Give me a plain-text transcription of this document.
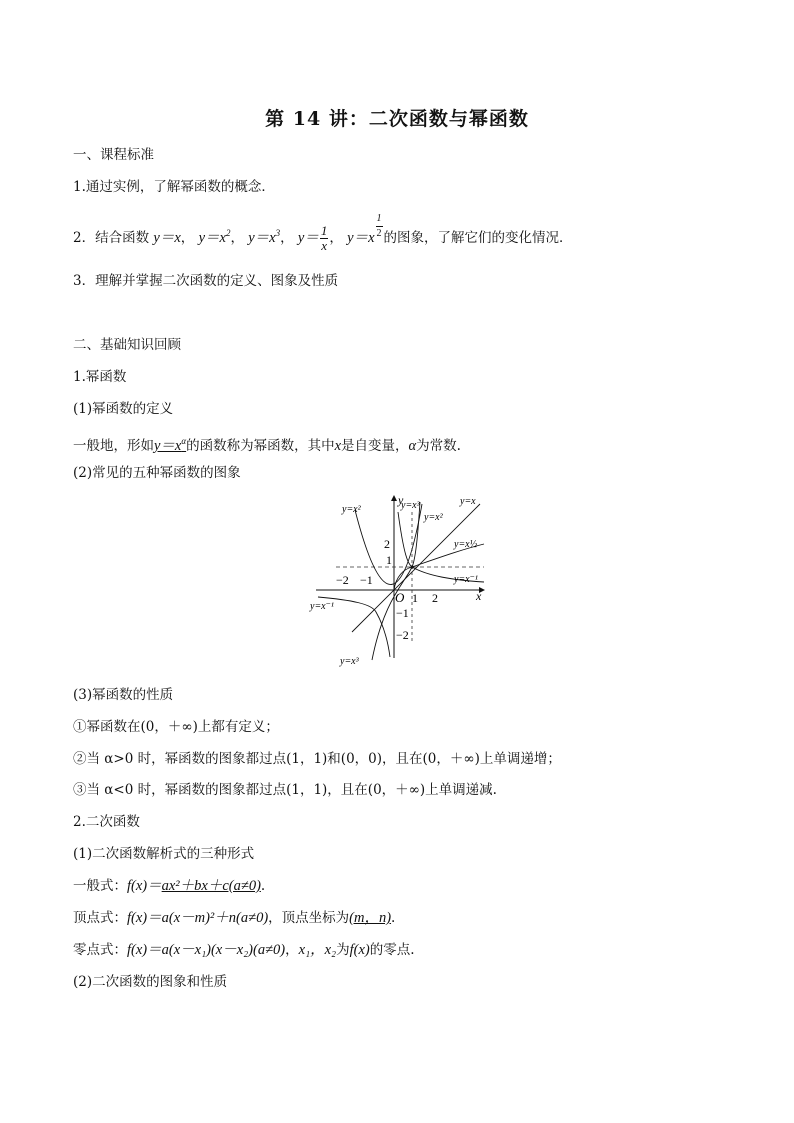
第 14 讲：二次函数与幂函数
一、课程标准
1.通过实例，了解幂函数的概念．
2．结合函数 y＝x， $y=x^2$， $y=x^3$， $y= \frac{1}{x}$ ， $y=x \frac{1}{2}$ 的图象，了解它们的变化情况．
3．理解并掌握二次函数的定义、图象及性质
二、基础知识回顾
1.幂函数
(1)幂函数的定义
一般地，形如$y=x^\alpha$的函数称为幂函数，其中x是自变量，α为常数.
(2)常见的五种幂函数的图象
x
y
O
−2 −1
1 2
2
1
−1
−2
y=x²	y=x³
y=x²
y=x
y=x½
y=x⁻¹
y=x⁻¹
y=x³
(3)幂函数的性质
①幂函数在(0，＋∞)上都有定义；
②当 α>0 时，幂函数的图象都过点(1，1)和(0，0)，且在(0，＋∞)上单调递增；
③当 α<0 时，幂函数的图象都过点(1，1)，且在(0，＋∞)上单调递减.
2.二次函数
(1)二次函数解析式的三种形式
一般式：f(x)＝ax²＋bx＋c(a≠0).
顶点式：f(x)＝a(x－m)²＋n(a≠0)，顶点坐标为(m，n).
零点式：f(x)＝a(x－x₁)(x－x₂)(a≠0)，x₁，x₂为f(x)的零点.
(2)二次函数的图象和性质
